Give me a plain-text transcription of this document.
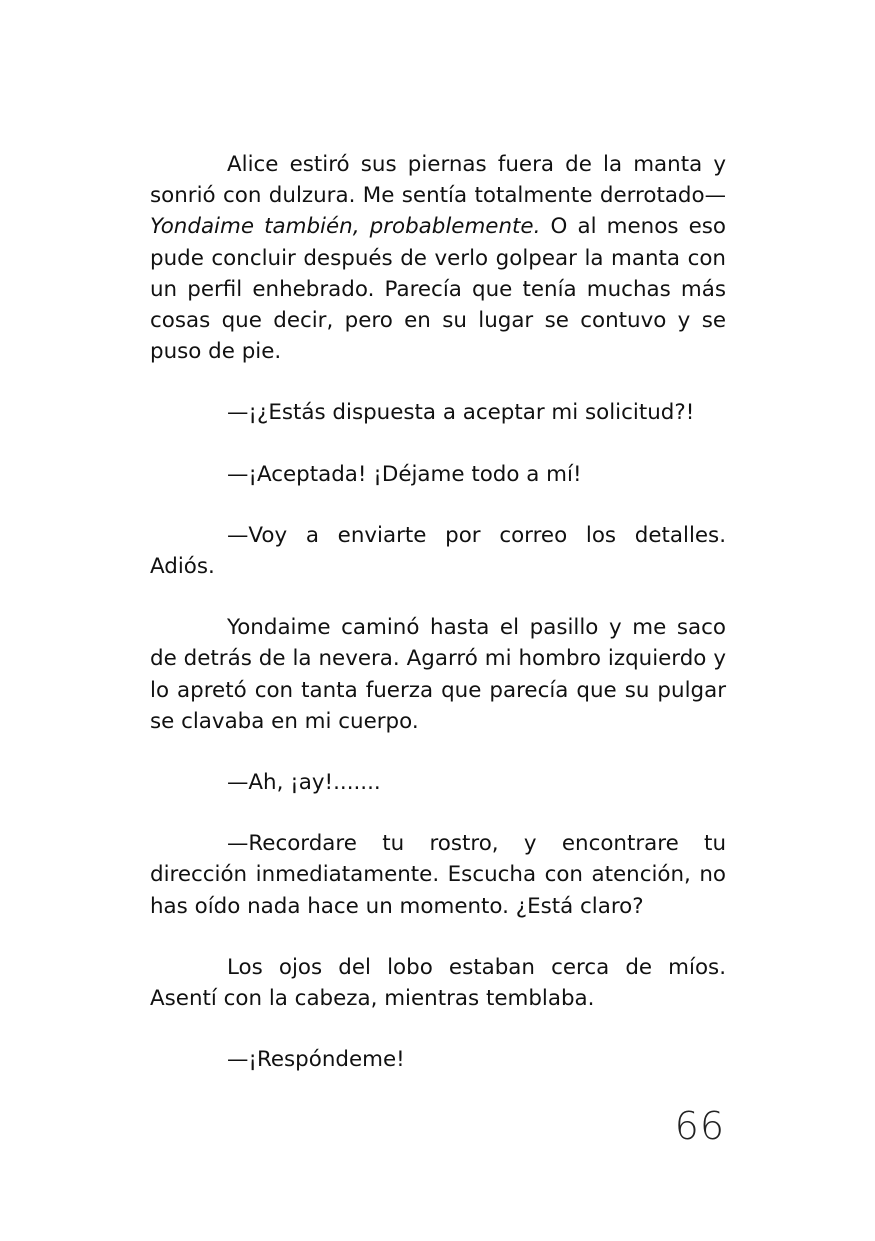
Alice estiró sus piernas fuera de la manta y sonrió con dulzura. Me sentía totalmente derrotado—Yondaime también, probablemente. O al menos eso pude concluir después de verlo golpear la manta con un perfil enhebrado. Parecía que tenía muchas más cosas que decir, pero en su lugar se contuvo y se puso de pie.

—¡¿Estás dispuesta a aceptar mi solicitud?!

—¡Aceptada! ¡Déjame todo a mí!

—Voy a enviarte por correo los detalles. Adiós.

Yondaime caminó hasta el pasillo y me saco de detrás de la nevera. Agarró mi hombro izquierdo y lo apretó con tanta fuerza que parecía que su pulgar se clavaba en mi cuerpo.

—Ah, ¡ay!.......

—Recordare tu rostro, y encontrare tu dirección inmediatamente. Escucha con atención, no has oído nada hace un momento. ¿Está claro?

Los ojos del lobo estaban cerca de míos. Asentí con la cabeza, mientras temblaba.

—¡Respóndeme!

66
